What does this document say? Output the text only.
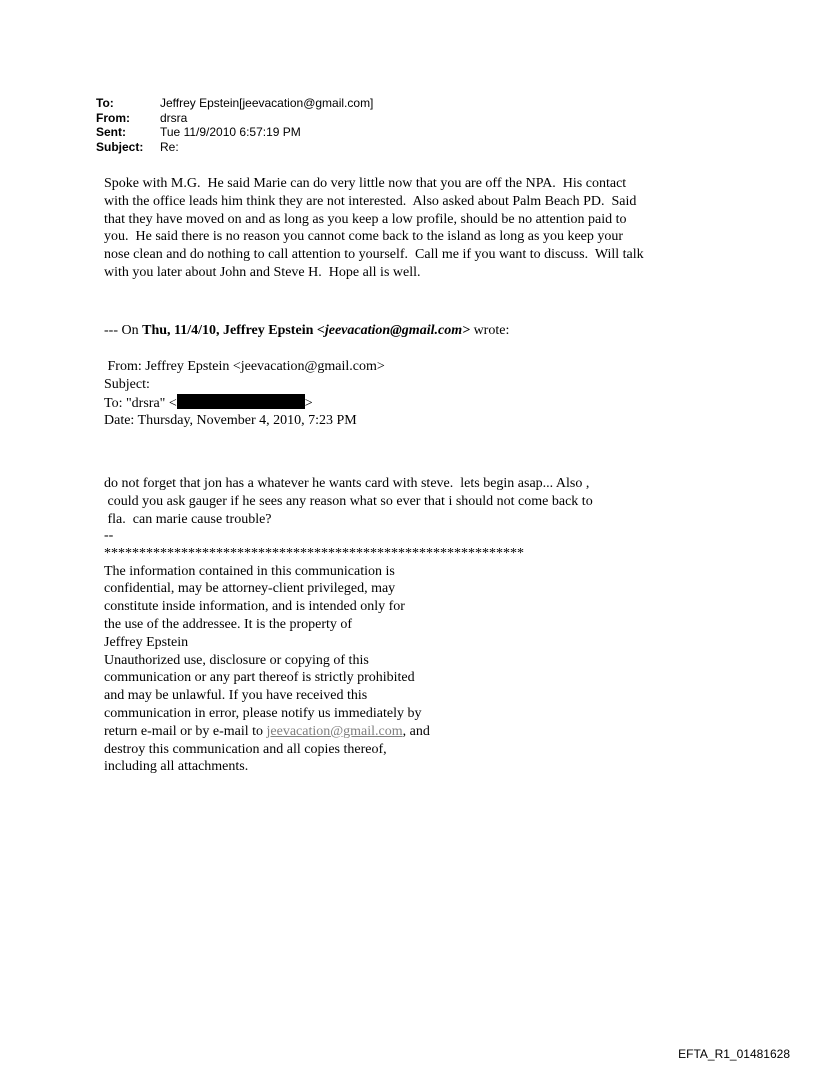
To:	Jeffrey Epstein[jeevacation@gmail.com]
From:	drsra
Sent:	Tue 11/9/2010 6:57:19 PM
Subject:	Re:
Spoke with M.G.  He said Marie can do very little now that you are off the NPA.  His contact
with the office leads him think they are not interested.  Also asked about Palm Beach PD.  Said
that they have moved on and as long as you keep a low profile, should be no attention paid to
you.  He said there is no reason you cannot come back to the island as long as you keep your
nose clean and do nothing to call attention to yourself.  Call me if you want to discuss.  Will talk
with you later about John and Steve H.  Hope all is well.
--- On Thu, 11/4/10, Jeffrey Epstein <jeevacation@gmail.com> wrote:
From: Jeffrey Epstein <jeevacation@gmail.com>
Subject:
To: "drsra" <	>
Date: Thursday, November 4, 2010, 7:23 PM
do not forget that jon has a whatever he wants card with steve.  lets begin asap... Also ,
could you ask gauger if he sees any reason what so ever that i should not come back to
fla.  can marie cause trouble?
--
************************************************************
The information contained in this communication is
confidential, may be attorney-client privileged, may
constitute inside information, and is intended only for
the use of the addressee. It is the property of
Jeffrey Epstein
Unauthorized use, disclosure or copying of this
communication or any part thereof is strictly prohibited
and may be unlawful. If you have received this
communication in error, please notify us immediately by
return e-mail or by e-mail to jeevacation@gmail.com, and
destroy this communication and all copies thereof,
including all attachments.
EFTA_R1_01481628
